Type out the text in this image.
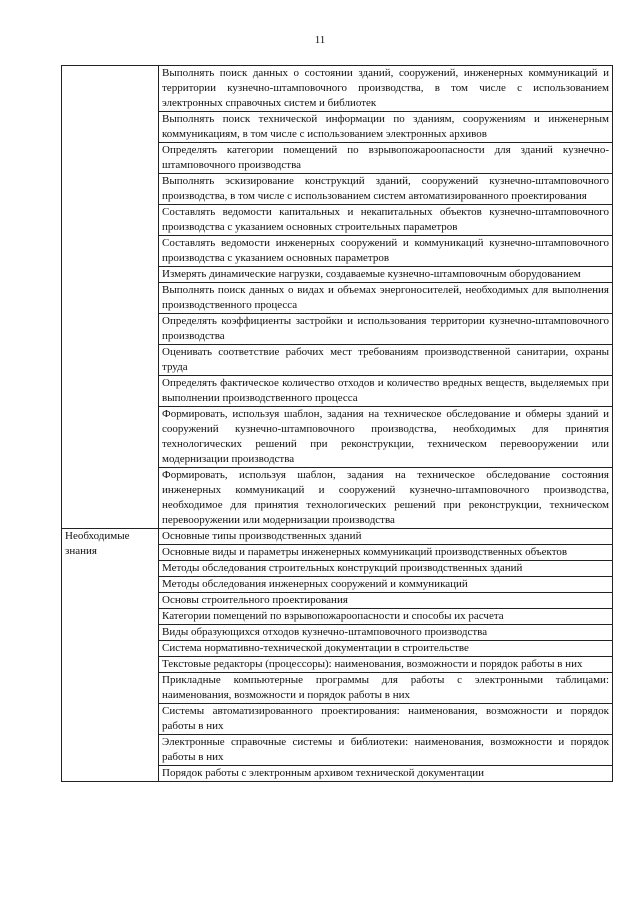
11
	Выполнять поиск данных о состоянии зданий, сооружений, инженерных коммуникаций и территории кузнечно-штамповочного производства, в том числе с использованием электронных справочных систем и библиотек
	Выполнять поиск технической информации по зданиям, сооружениям и инженерным коммуникациям, в том числе с использованием электронных архивов
	Определять категории помещений по взрывопожароопасности для зданий кузнечно-штамповочного производства
	Выполнять эскизирование конструкций зданий, сооружений кузнечно-штамповочного производства, в том числе с использованием систем автоматизированного проектирования
	Составлять ведомости капитальных и некапитальных объектов кузнечно-штамповочного производства с указанием основных строительных параметров
	Составлять ведомости инженерных сооружений и коммуникаций кузнечно-штамповочного производства с указанием основных параметров
	Измерять динамические нагрузки, создаваемые кузнечно-штамповочным оборудованием
	Выполнять поиск данных о видах и объемах энергоносителей, необходимых для выполнения производственного процесса
	Определять коэффициенты застройки и использования территории кузнечно-штамповочного производства
	Оценивать соответствие рабочих мест требованиям производственной санитарии, охраны труда
	Определять фактическое количество отходов и количество вредных веществ, выделяемых при выполнении производственного процесса
	Формировать, используя шаблон, задания на техническое обследование и обмеры зданий и сооружений кузнечно-штамповочного производства, необходимых для принятия технологических решений при реконструкции, техническом перевооружении или модернизации производства
	Формировать, используя шаблон, задания на техническое обследование состояния инженерных коммуникаций и сооружений кузнечно-штамповочного производства, необходимое для принятия технологических решений при реконструкции, техническом перевооружении или модернизации производства
Необходимые знания	Основные типы производственных зданий
	Основные виды и параметры инженерных коммуникаций производственных объектов
	Методы обследования строительных конструкций производственных зданий
	Методы обследования инженерных сооружений и коммуникаций
	Основы строительного проектирования
	Категории помещений по взрывопожароопасности и способы их расчета
	Виды образующихся отходов кузнечно-штамповочного производства
	Система нормативно-технической документации в строительстве
	Текстовые редакторы (процессоры): наименования, возможности и порядок работы в них
	Прикладные компьютерные программы для работы с электронными таблицами: наименования, возможности и порядок работы в них
	Системы автоматизированного проектирования: наименования, возможности и порядок работы в них
	Электронные справочные системы и библиотеки: наименования, возможности и порядок работы в них
	Порядок работы с электронным архивом технической документации
